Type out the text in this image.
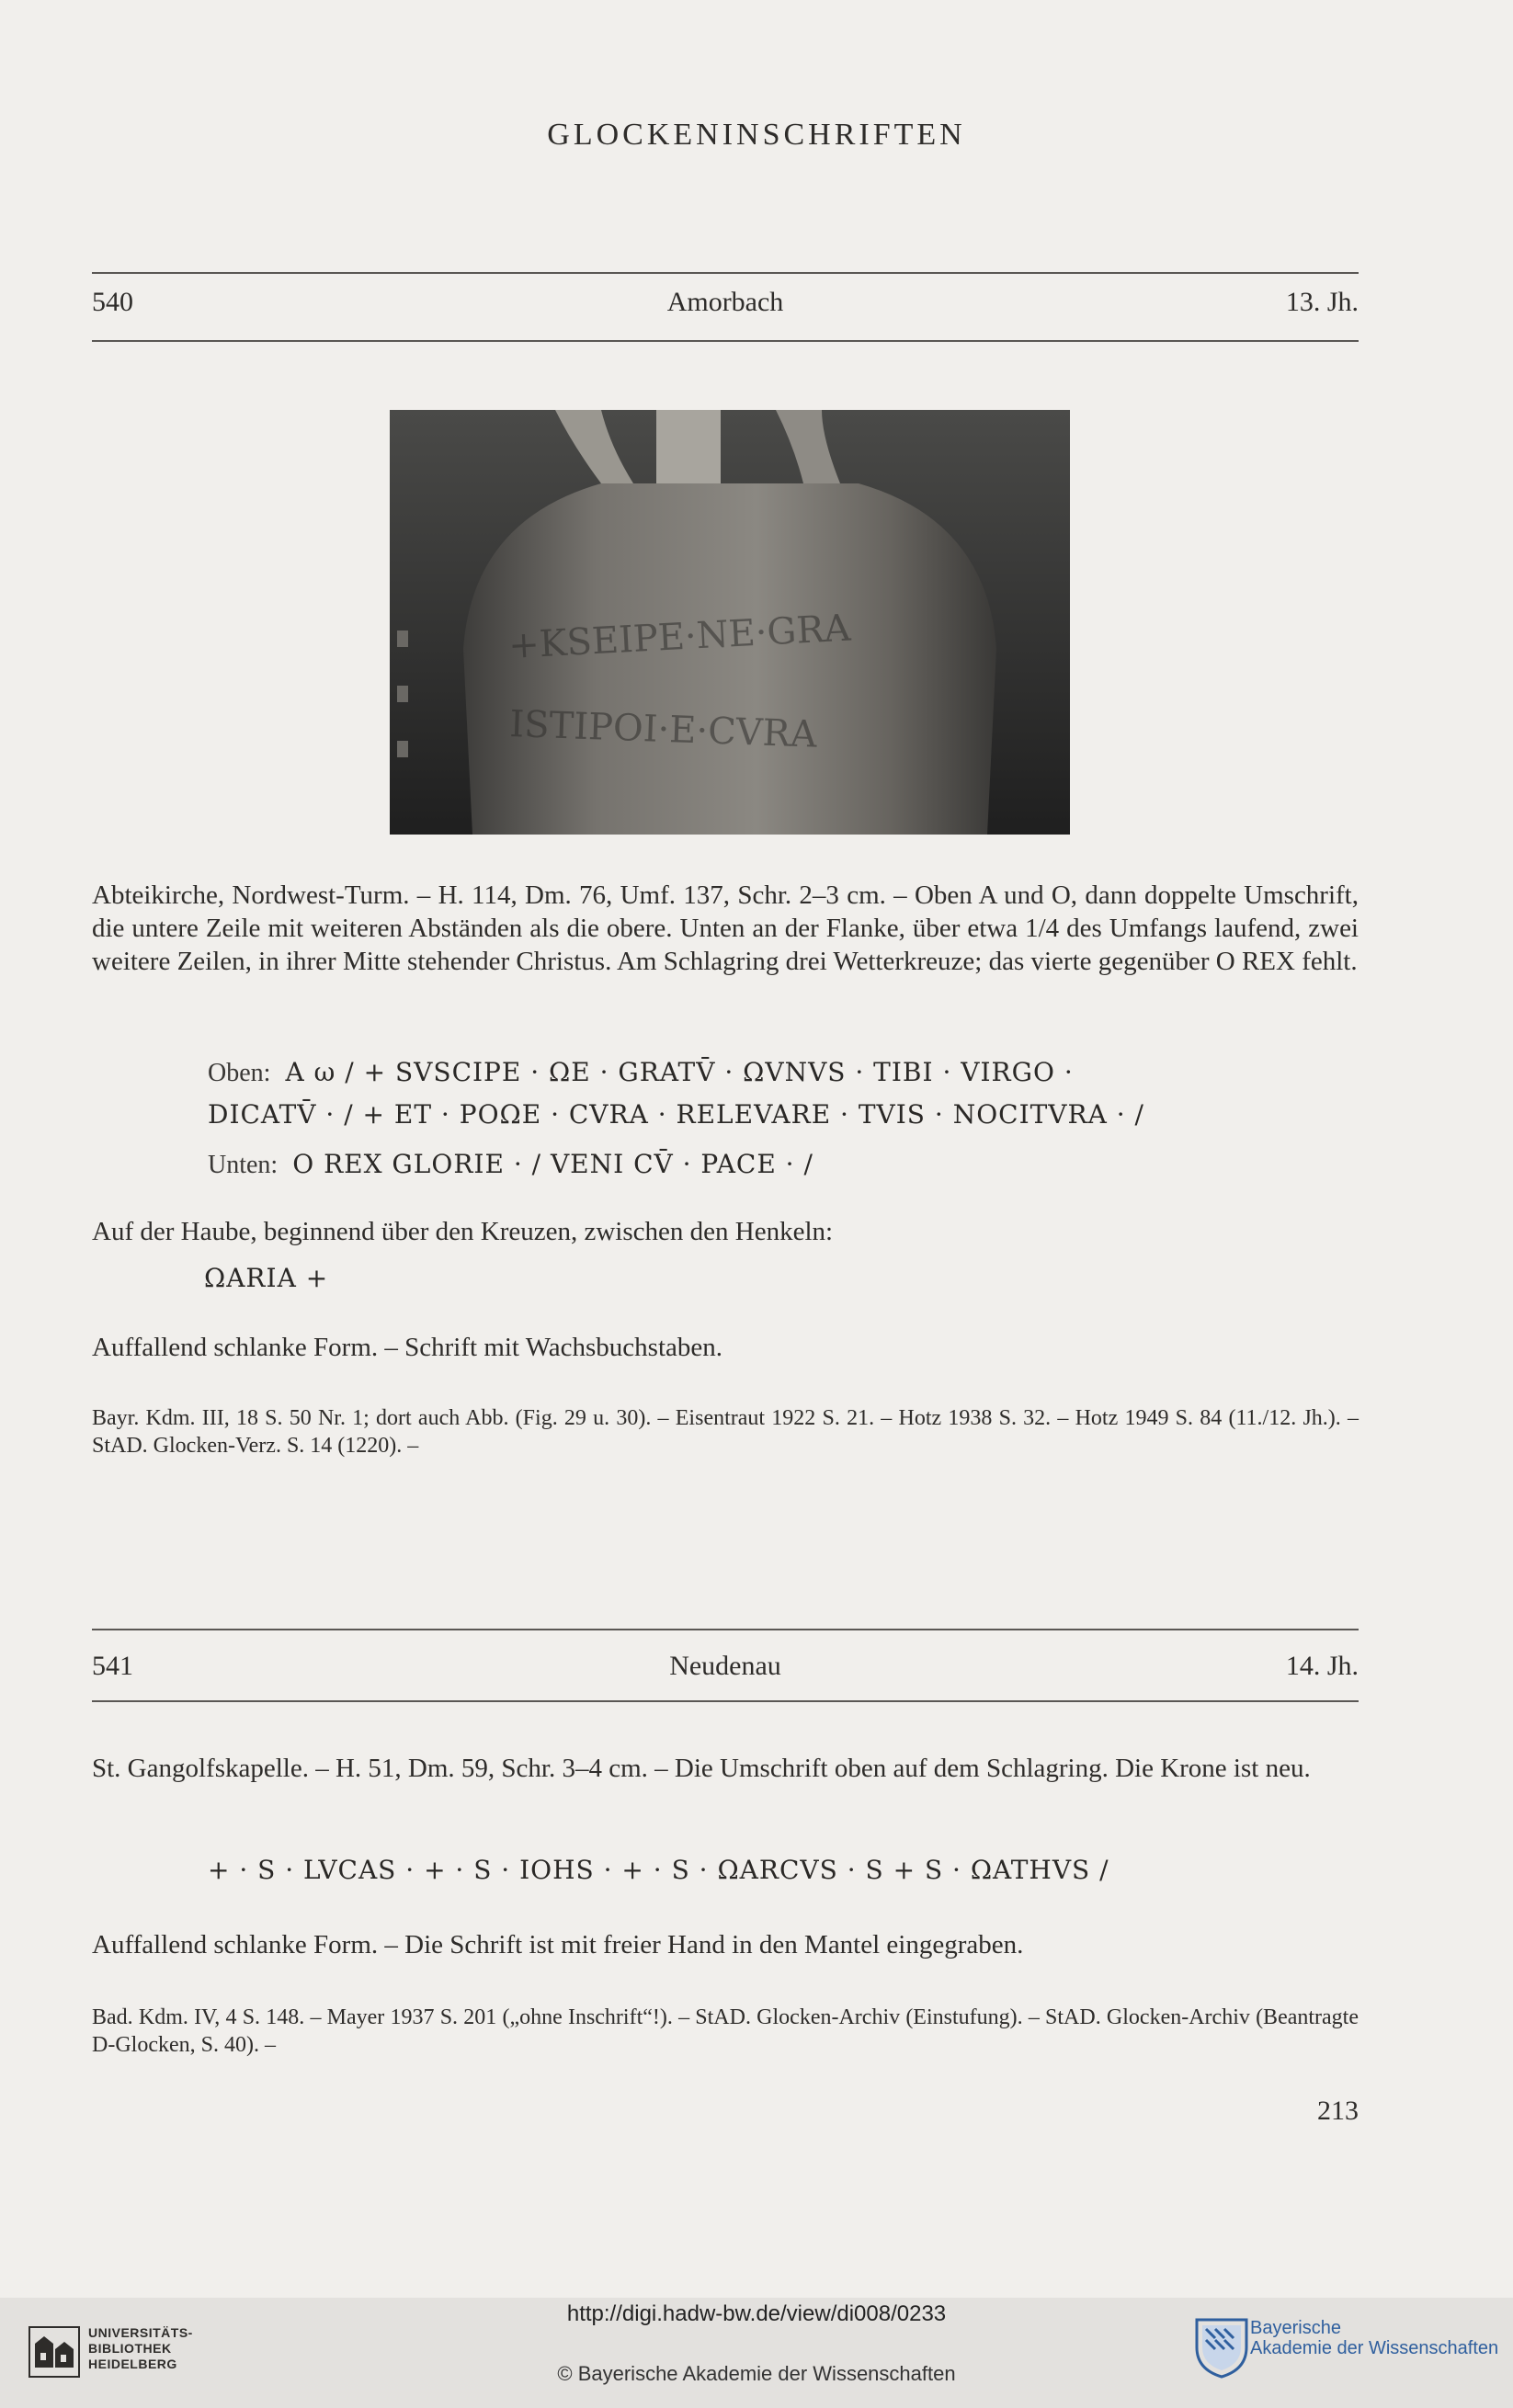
GLOCKENINSCHRIFTEN
540	Amorbach	13. Jh.
+KSEIPE·NE·GRA
ISTIPOI·E·CVRA
Abteikirche, Nordwest-Turm. – H. 114, Dm. 76, Umf. 137, Schr. 2–3 cm. – Oben A und O, dann doppelte Umschrift, die untere Zeile mit weiteren Abständen als die obere. Unten an der Flanke, über etwa 1/4 des Umfangs laufend, zwei weitere Zeilen, in ihrer Mitte stehender Christus. Am Schlagring drei Wetterkreuze; das vierte gegenüber O REX fehlt.
Oben: A ω / + SVSCIPE · ΩE · GRATV̄ · ΩVNVS · TIBI · VIRGO ·
DICATV̄ · / + ET · POΩE · CVRA · RELEVARE · TVIS · NOCITVRA · /
Unten: O REX GLORIE · / VENI CV̄ · PACE · /
Auf der Haube, beginnend über den Kreuzen, zwischen den Henkeln:
ΩARIA +
Auffallend schlanke Form. – Schrift mit Wachsbuchstaben.
Bayr. Kdm. III, 18 S. 50 Nr. 1; dort auch Abb. (Fig. 29 u. 30). – Eisentraut 1922 S. 21. – Hotz 1938 S. 32. – Hotz 1949 S. 84 (11./12. Jh.). – StAD. Glocken-Verz. S. 14 (1220). –
541	Neudenau	14. Jh.
St. Gangolfskapelle. – H. 51, Dm. 59, Schr. 3–4 cm. – Die Umschrift oben auf dem Schlagring. Die Krone ist neu.
+ · S · LVCAS · + · S · IOHS · + · S · ΩARCVS · S + S · ΩATHVS /
Auffallend schlanke Form. – Die Schrift ist mit freier Hand in den Mantel eingegraben.
Bad. Kdm. IV, 4 S. 148. – Mayer 1937 S. 201 („ohne Inschrift“!). – StAD. Glocken-Archiv (Einstufung). – StAD. Glocken-Archiv (Beantragte D-Glocken, S. 40). –
213
UNIVERSITÄTS-
BIBLIOTHEK
HEIDELBERG
Bayerische
Akademie der Wissenschaften
http://digi.hadw-bw.de/view/di008/0233
© Bayerische Akademie der Wissenschaften
